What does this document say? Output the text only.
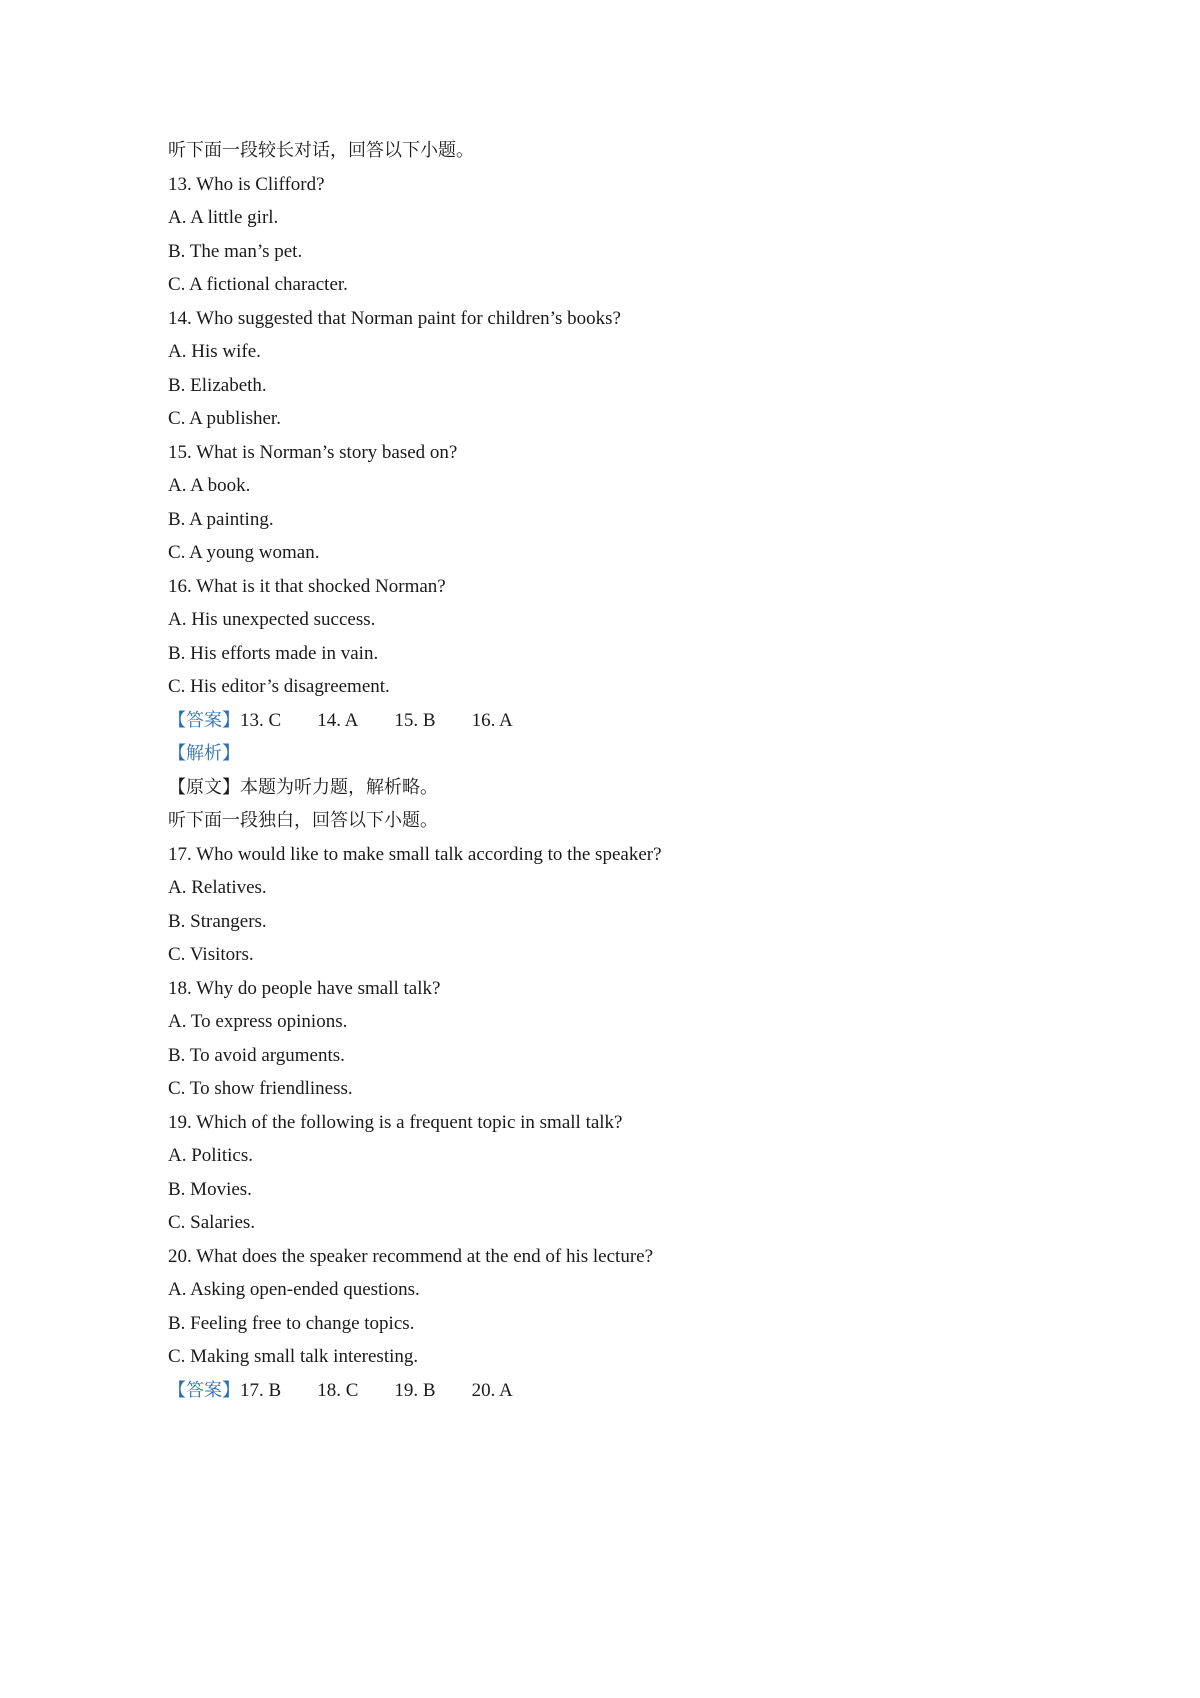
听下面一段较长对话，回答以下小题。
13. Who is Clifford?
A. A little girl.
B. The man’s pet.
C. A fictional character.
14. Who suggested that Norman paint for children’s books?
A. His wife.
B. Elizabeth.
C. A publisher.
15. What is Norman’s story based on?
A. A book.
B. A painting.
C. A young woman.
16. What is it that shocked Norman?
A. His unexpected success.
B. His efforts made in vain.
C. His editor’s disagreement.
【答案】13. C 14. A 15. B 16. A
【解析】
【原文】本题为听力题，解析略。
听下面一段独白，回答以下小题。
17. Who would like to make small talk according to the speaker?
A. Relatives.
B. Strangers.
C. Visitors.
18. Why do people have small talk?
A. To express opinions.
B. To avoid arguments.
C. To show friendliness.
19. Which of the following is a frequent topic in small talk?
A. Politics.
B. Movies.
C. Salaries.
20. What does the speaker recommend at the end of his lecture?
A. Asking open-ended questions.
B. Feeling free to change topics.
C. Making small talk interesting.
【答案】17. B 18. C 19. B 20. A
